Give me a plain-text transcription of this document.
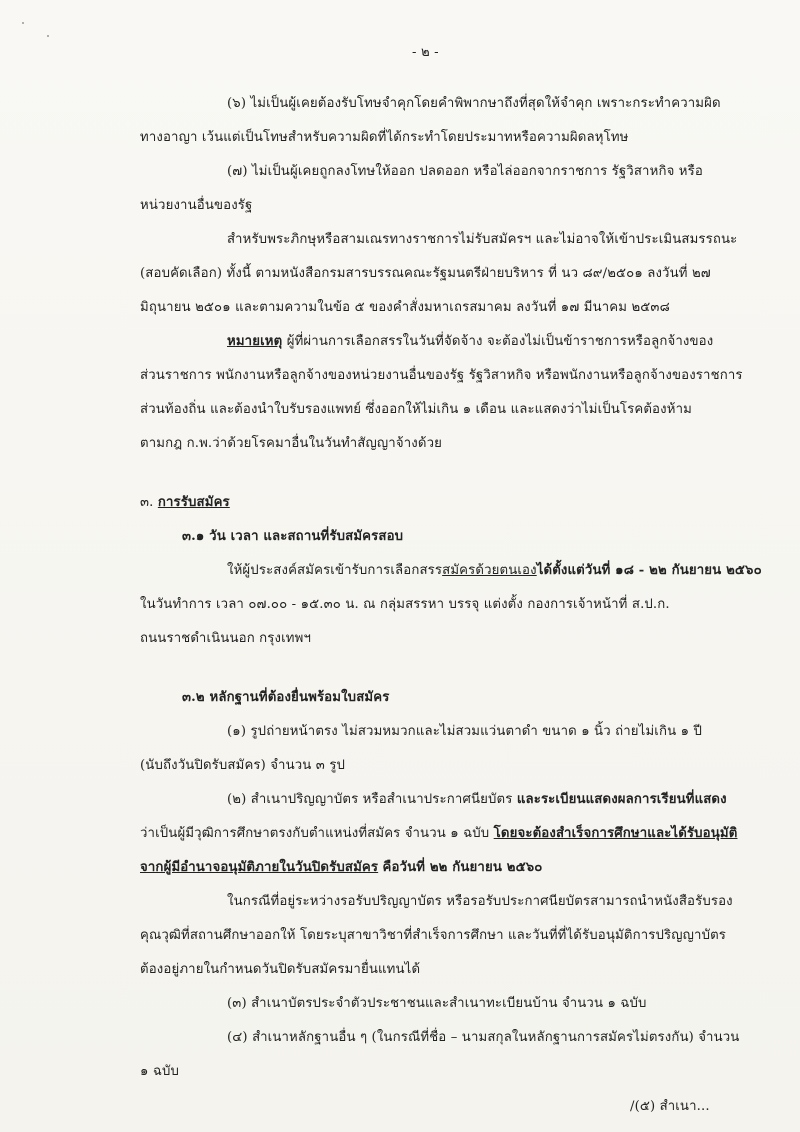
- ๒ -
(๖) ไม่เป็นผู้เคยต้องรับโทษจำคุกโดยคำพิพากษาถึงที่สุดให้จำคุก เพราะกระทำความผิด
ทางอาญา เว้นแต่เป็นโทษสำหรับความผิดที่ได้กระทำโดยประมาทหรือความผิดลหุโทษ
(๗) ไม่เป็นผู้เคยถูกลงโทษให้ออก ปลดออก หรือไล่ออกจากราชการ รัฐวิสาหกิจ หรือ
หน่วยงานอื่นของรัฐ
สำหรับพระภิกษุหรือสามเณรทางราชการไม่รับสมัครฯ และไม่อาจให้เข้าประเมินสมรรถนะ
(สอบคัดเลือก) ทั้งนี้ ตามหนังสือกรมสารบรรณคณะรัฐมนตรีฝ่ายบริหาร ที่ นว ๘๙/๒๕๐๑ ลงวันที่ ๒๗
มิถุนายน ๒๕๐๑ และตามความในข้อ ๕ ของคำสั่งมหาเถรสมาคม ลงวันที่ ๑๗ มีนาคม ๒๕๓๘
หมายเหตุ ผู้ที่ผ่านการเลือกสรรในวันที่จัดจ้าง จะต้องไม่เป็นข้าราชการหรือลูกจ้างของ
ส่วนราชการ พนักงานหรือลูกจ้างของหน่วยงานอื่นของรัฐ รัฐวิสาหกิจ หรือพนักงานหรือลูกจ้างของราชการ
ส่วนท้องถิ่น และต้องนำใบรับรองแพทย์ ซึ่งออกให้ไม่เกิน ๑ เดือน และแสดงว่าไม่เป็นโรคต้องห้าม
ตามกฎ ก.พ.ว่าด้วยโรคมาอื่นในวันทำสัญญาจ้างด้วย
๓. การรับสมัคร
๓.๑ วัน เวลา และสถานที่รับสมัครสอบ
ให้ผู้ประสงค์สมัครเข้ารับการเลือกสรรสมัครด้วยตนเองได้ตั้งแต่วันที่ ๑๘ - ๒๒ กันยายน ๒๕๖๐
ในวันทำการ เวลา ๐๗.๐๐ - ๑๕.๓๐ น. ณ กลุ่มสรรหา บรรจุ แต่งตั้ง กองการเจ้าหน้าที่ ส.ป.ก.
ถนนราชดำเนินนอก กรุงเทพฯ
๓.๒ หลักฐานที่ต้องยื่นพร้อมใบสมัคร
(๑) รูปถ่ายหน้าตรง ไม่สวมหมวกและไม่สวมแว่นตาดำ ขนาด ๑ นิ้ว ถ่ายไม่เกิน ๑ ปี
(นับถึงวันปิดรับสมัคร) จำนวน ๓ รูป
(๒) สำเนาปริญญาบัตร หรือสำเนาประกาศนียบัตร และระเบียนแสดงผลการเรียนที่แสดง
ว่าเป็นผู้มีวุฒิการศึกษาตรงกับตำแหน่งที่สมัคร จำนวน ๑ ฉบับ โดยจะต้องสำเร็จการศึกษาและได้รับอนุมัติ
จากผู้มีอำนาจอนุมัติภายในวันปิดรับสมัคร คือวันที่ ๒๒ กันยายน ๒๕๖๐
ในกรณีที่อยู่ระหว่างรอรับปริญญาบัตร หรือรอรับประกาศนียบัตรสามารถนำหนังสือรับรอง
คุณวุฒิที่สถานศึกษาออกให้ โดยระบุสาขาวิชาที่สำเร็จการศึกษา และวันที่ที่ได้รับอนุมัติการปริญญาบัตร
ต้องอยู่ภายในกำหนดวันปิดรับสมัครมายื่นแทนได้
(๓) สำเนาบัตรประจำตัวประชาชนและสำเนาทะเบียนบ้าน จำนวน ๑ ฉบับ
(๔) สำเนาหลักฐานอื่น ๆ (ในกรณีที่ชื่อ – นามสกุลในหลักฐานการสมัครไม่ตรงกัน) จำนวน
๑ ฉบับ
/(๕) สำเนา...
